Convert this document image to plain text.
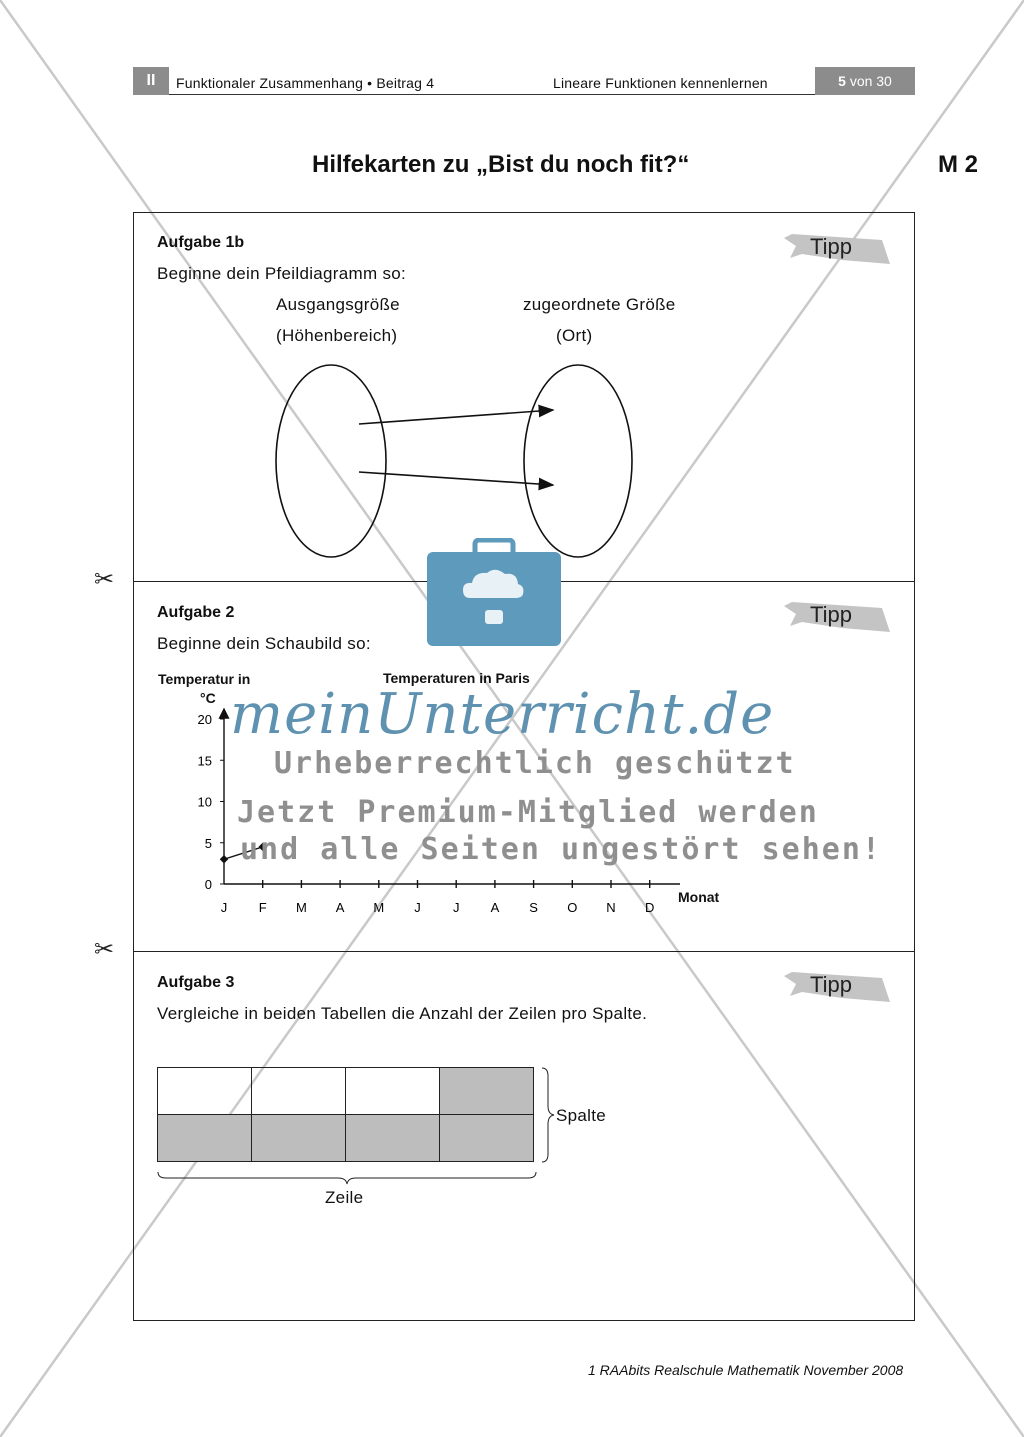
II	Funktionaler Zusammenhang • Beitrag 4	Lineare Funktionen kennenlernen	5 von 30
Hilfekarten zu „Bist du noch fit?“	M 2
✂
✂
Tipp
Tipp
Tipp
Aufgabe 1b
Beginne dein Pfeildiagramm so:
Ausgangsgröße
(Höhenbereich)
zugeordnete Größe
(Ort)
Aufgabe 2
Beginne dein Schaubild so:
Temperatur in
°C
Temperaturen in Paris
Monat
0
5
10
15
20
J F M A M J J A S O N D
Aufgabe 3
Vergleiche in beiden Tabellen die Anzahl der Zeilen pro Spalte.

Spalte
Zeile
meinUnterricht.de
Urheberrechtlich geschützt
Jetzt Premium-Mitglied werden
und alle Seiten ungestört sehen!
1 RAAbits Realschule Mathematik November 2008
